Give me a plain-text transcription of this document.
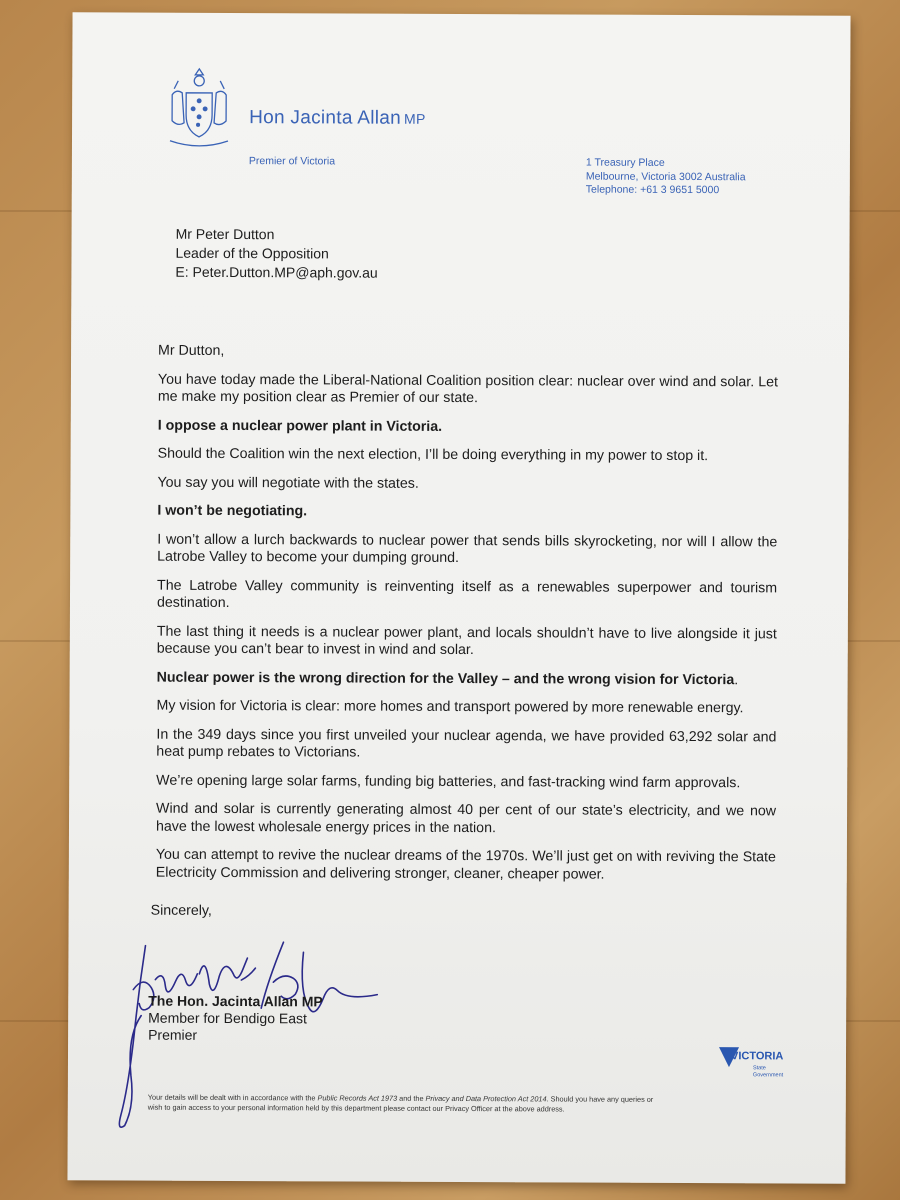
Hon Jacinta Allan MP
Premier of Victoria	1 Treasury Place
Melbourne, Victoria 3002 Australia
Telephone: +61 3 9651 5000
Mr Peter Dutton
Leader of the Opposition
E: Peter.Dutton.MP@aph.gov.au

Mr Dutton,

You have today made the Liberal-National Coalition position clear: nuclear over wind and solar. Let me make my position clear as Premier of our state.

I oppose a nuclear power plant in Victoria.

Should the Coalition win the next election, I’ll be doing everything in my power to stop it.

You say you will negotiate with the states.

I won’t be negotiating.

I won’t allow a lurch backwards to nuclear power that sends bills skyrocketing, nor will I allow the Latrobe Valley to become your dumping ground.

The Latrobe Valley community is reinventing itself as a renewables superpower and tourism destination.

The last thing it needs is a nuclear power plant, and locals shouldn’t have to live alongside it just because you can’t bear to invest in wind and solar.

Nuclear power is the wrong direction for the Valley – and the wrong vision for Victoria.

My vision for Victoria is clear: more homes and transport powered by more renewable energy.

In the 349 days since you first unveiled your nuclear agenda, we have provided 63,292 solar and heat pump rebates to Victorians.

We’re opening large solar farms, funding big batteries, and fast-tracking wind farm approvals.

Wind and solar is currently generating almost 40 per cent of our state’s electricity, and we now have the lowest wholesale energy prices in the nation.

You can attempt to revive the nuclear dreams of the 1970s. We’ll just get on with reviving the State Electricity Commission and delivering stronger, cleaner, cheaper power.

Sincerely,
Jacinta Allan
The Hon. Jacinta Allan MP
Member for Bendigo East
Premier
VICTORIA
State
Government
Your details will be dealt with in accordance with the Public Records Act 1973 and the Privacy and Data Protection Act 2014. Should you have any queries or wish to gain access to your personal information held by this department please contact our Privacy Officer at the above address.
